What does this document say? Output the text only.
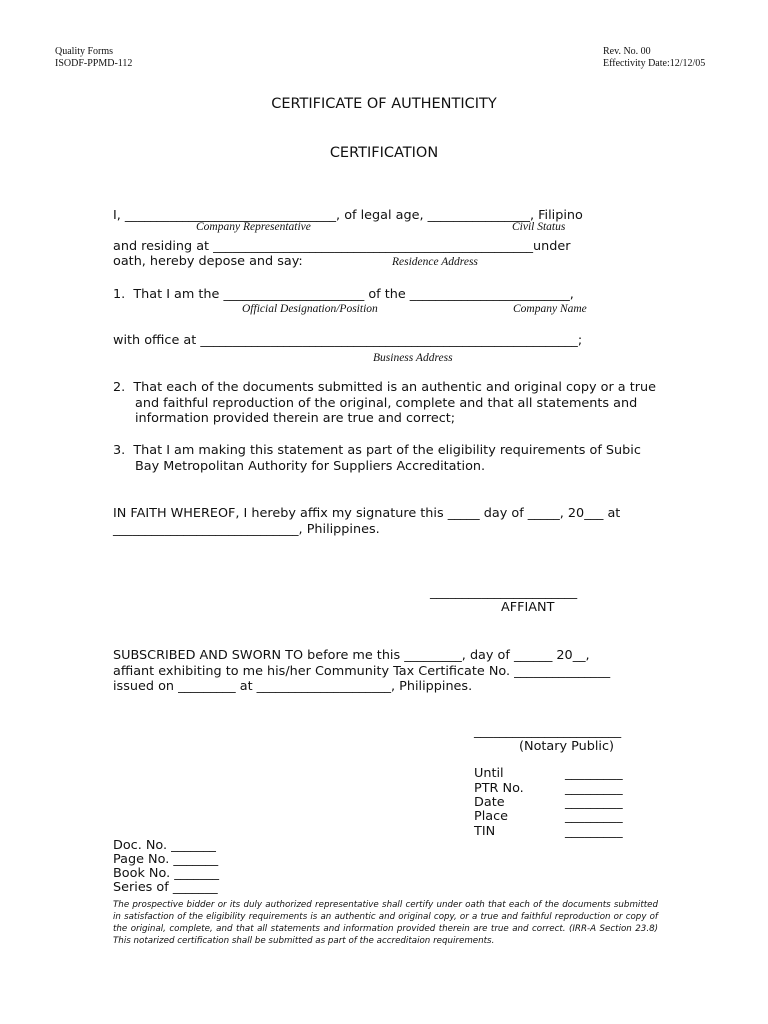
Quality Forms
ISODF-PPMD-112
Rev. No. 00
Effectivity Date:12/12/05
CERTIFICATE OF AUTHENTICITY
CERTIFICATION
I, _________________________________, of legal age, ________________, Filipino
Company Representative	Civil Status
and residing at __________________________________________________under
oath, hereby depose and say:	Residence Address
1.  That I am the ______________________ of the _________________________,
Official Designation/Position	Company Name
with office at ___________________________________________________________;
Business Address
2.  That each of the documents submitted is an authentic and original copy or a true
and faithful reproduction of the original, complete and that all statements and
information provided therein are true and correct;
3.  That I am making this statement as part of the eligibility requirements of Subic
Bay Metropolitan Authority for Suppliers Accreditation.
IN FAITH WHEREOF, I hereby affix my signature this _____ day of _____, 20___ at
_____________________________, Philippines.
_______________________
AFFIANT
SUBSCRIBED AND SWORN TO before me this _________, day of ______ 20__,
affiant exhibiting to me his/her Community Tax Certificate No. _______________
issued on _________ at _____________________, Philippines.
_______________________
(Notary Public)
Until	_________
PTR No.	_________
Date	_________
Place	_________
TIN	_________
Doc. No. _______
Page No. _______
Book No. _______
Series of _______
The prospective bidder or its duly authorized representative shall certify under oath that each of the documents submitted in satisfaction of the eligibility requirements is an authentic and original copy, or a true and faithful reproduction or copy of the original, complete, and that all statements and information provided therein are true and correct. (IRR-A Section 23.8) This notarized certification shall be submitted as part of the accreditaion requirements.
